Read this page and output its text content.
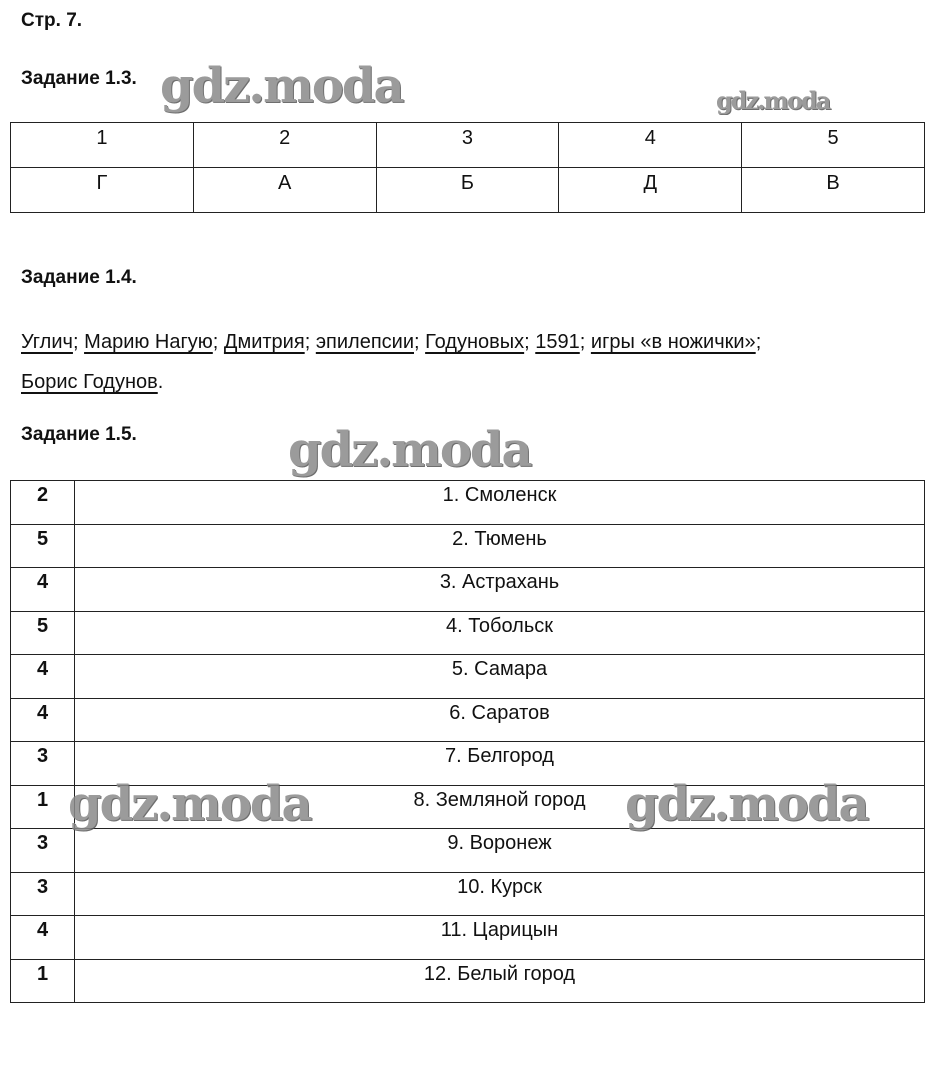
Стр. 7.
Задание 1.3.
1	2	3	4	5
Г	А	Б	Д	В
Задание 1.4.
Углич; Марию Нагую; Дмитрия; эпилепсии; Годуновых; 1591; игры «в ножички»;
Борис Годунов.
Задание 1.5.
2	1. Смоленск
5	2. Тюмень
4	3. Астрахань
5	4. Тобольск
4	5. Самара
4	6. Саратов
3	7. Белгород
1	8. Земляной город
3	9. Воронеж
3	10. Курск
4	11. Царицын
1	12. Белый город
gdz.moda	gdz.moda
gdz.moda
gdz.moda	gdz.moda
